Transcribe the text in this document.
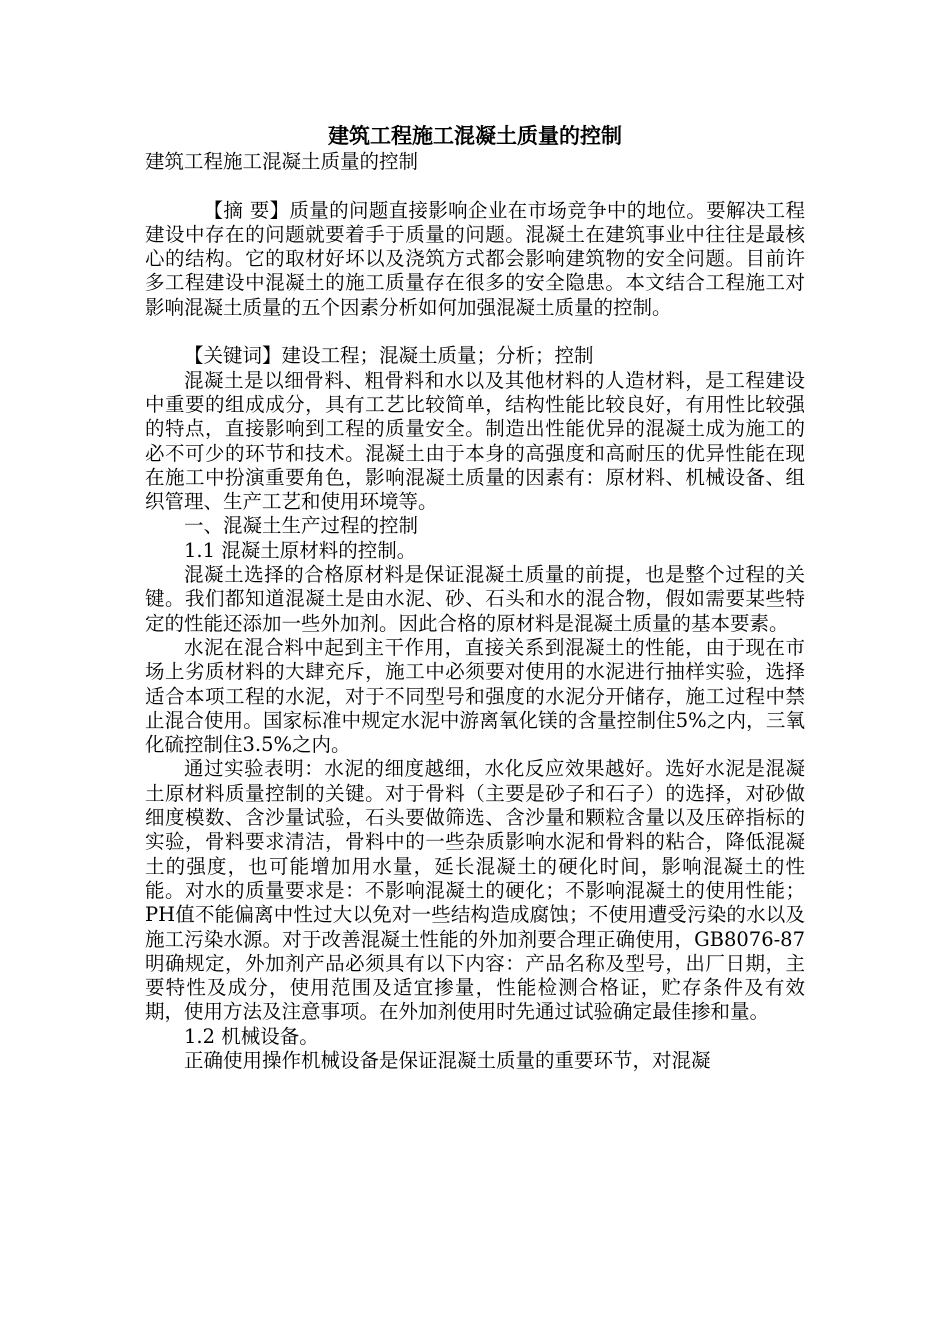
建筑工程施工混凝土质量的控制

建筑工程施工混凝土质量的控制

【摘 要】质量的问题直接影响企业在市场竞争中的地位。要解决工程建设中存在的问题就要着手于质量的问题。混凝土在建筑事业中往往是最核心的结构。它的取材好坏以及浇筑方式都会影响建筑物的安全问题。目前许多工程建设中混凝土的施工质量存在很多的安全隐患。本文结合工程施工对影响混凝土质量的五个因素分析如何加强混凝土质量的控制。

【关键词】建设工程；混凝土质量；分析；控制

混凝土是以细骨料、粗骨料和水以及其他材料的人造材料，是工程建设中重要的组成成分，具有工艺比较简单，结构性能比较良好，有用性比较强的特点，直接影响到工程的质量安全。制造出性能优异的混凝土成为施工的必不可少的环节和技术。混凝土由于本身的高强度和高耐压的优异性能在现在施工中扮演重要角色，影响混凝土质量的因素有：原材料、机械设备、组织管理、生产工艺和使用环境等。

一、混凝土生产过程的控制

1.1 混凝土原材料的控制。

混凝土选择的合格原材料是保证混凝土质量的前提，也是整个过程的关键。我们都知道混凝土是由水泥、砂、石头和水的混合物，假如需要某些特定的性能还添加一些外加剂。因此合格的原材料是混凝土质量的基本要素。

水泥在混合料中起到主干作用，直接关系到混凝土的性能，由于现在市场上劣质材料的大肆充斥，施工中必须要对使用的水泥进行抽样实验，选择适合本项工程的水泥，对于不同型号和强度的水泥分开储存，施工过程中禁止混合使用。国家标准中规定水泥中游离氧化镁的含量控制住5%之内，三氧化硫控制住3.5%之内。

通过实验表明：水泥的细度越细，水化反应效果越好。选好水泥是混凝土原材料质量控制的关键。对于骨料（主要是砂子和石子）的选择，对砂做细度模数、含沙量试验，石头要做筛选、含沙量和颗粒含量以及压碎指标的实验，骨料要求清洁，骨料中的一些杂质影响水泥和骨料的粘合，降低混凝土的强度，也可能增加用水量，延长混凝土的硬化时间，影响混凝土的性能。对水的质量要求是：不影响混凝土的硬化；不影响混凝土的使用性能；PH值不能偏离中性过大以免对一些结构造成腐蚀；不使用遭受污染的水以及施工污染水源。对于改善混凝土性能的外加剂要合理正确使用，GB8076-87明确规定，外加剂产品必须具有以下内容：产品名称及型号，出厂日期，主要特性及成分，使用范围及适宜掺量，性能检测合格证，贮存条件及有效期，使用方法及注意事项。在外加剂使用时先通过试验确定最佳掺和量。

1.2 机械设备。

正确使用操作机械设备是保证混凝土质量的重要环节，对混凝
